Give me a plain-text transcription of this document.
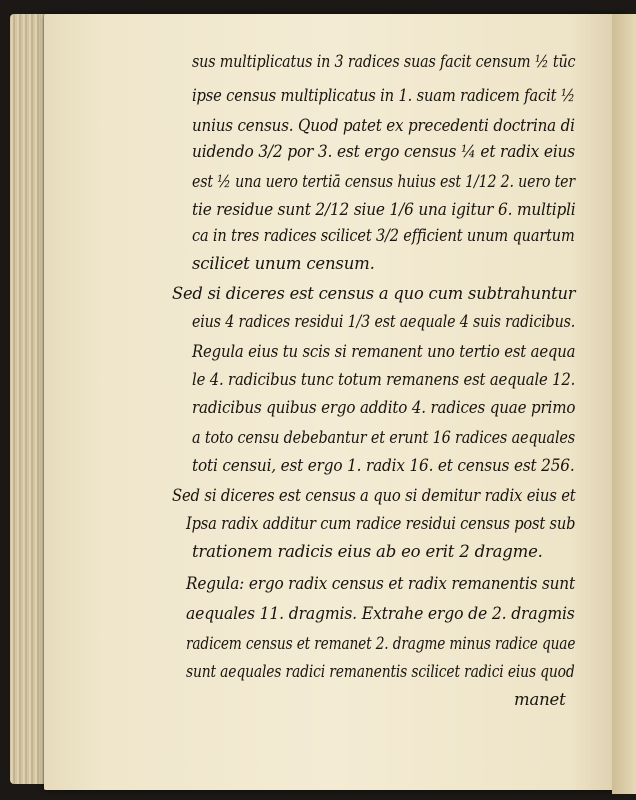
sus multiplicatus in 3 radices suas facit censum ½ tūc
ipse census multiplicatus in 1. suam radicem facit ½
unius census. Quod patet ex precedenti doctrina di
uidendo 3/2 por 3. est ergo census ¼ et radix eius
est ½ una uero tertiā census huius est 1/12 2. uero ter
tie residue sunt 2/12 siue 1/6 una igitur 6. multipli
ca in tres radices scilicet 3/2 efficient unum quartum
scilicet unum censum.
Sed si diceres est census a quo cum subtrahuntur
eius 4 radices residui 1/3 est aequale 4 suis radicibus.
Regula eius tu scis si remanent uno tertio est aequa
le 4. radicibus tunc totum remanens est aequale 12.
radicibus quibus ergo addito 4. radices quae primo
a toto censu debebantur et erunt 16 radices aequales
toti censui, est ergo 1. radix 16. et census est 256.
Sed si diceres est census a quo si demitur radix eius et
Ipsa radix additur cum radice residui census post sub
trationem radicis eius ab eo erit 2 dragme.
Regula: ergo radix census et radix remanentis sunt
aequales 11. dragmis. Extrahe ergo de 2. dragmis
radicem census et remanet 2. dragme minus radice quae
sunt aequales radici remanentis scilicet radici eius quod
manet
